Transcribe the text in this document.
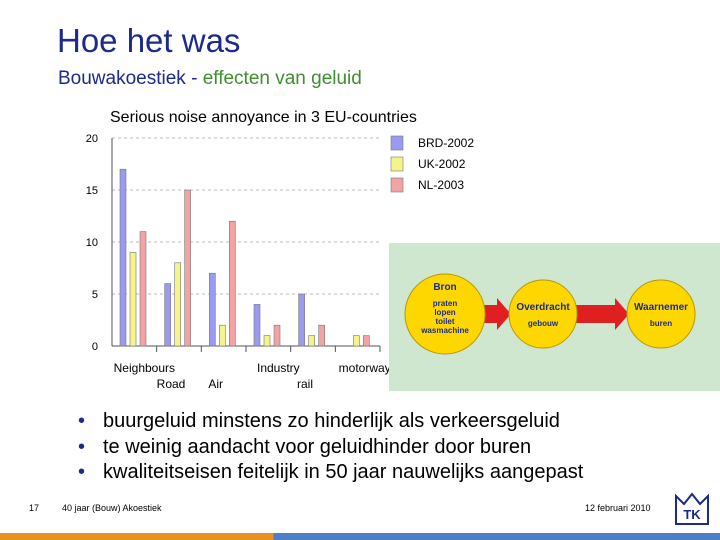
Hoe het was
Bouwakoestiek - effecten van geluid
Serious noise annoyance in 3 EU-countries
0
5
10
15
20
Neighbours
Road Air
Industry
rail
motorways
Bron
praten
lopen
toilet
wasmachine
Overdracht
gebouw
Waarnemer
buren
• buurgeluid minstens zo hinderlijk als verkeersgeluid
• te weinig aandacht voor geluidhinder door buren
• kwaliteitseisen feitelijk in 50 jaar nauwelijks aangepast
17	40 jaar (Bouw) Akoestiek	12 februari 2010	TK
BRD-2002
UK-2002
NL-2003
